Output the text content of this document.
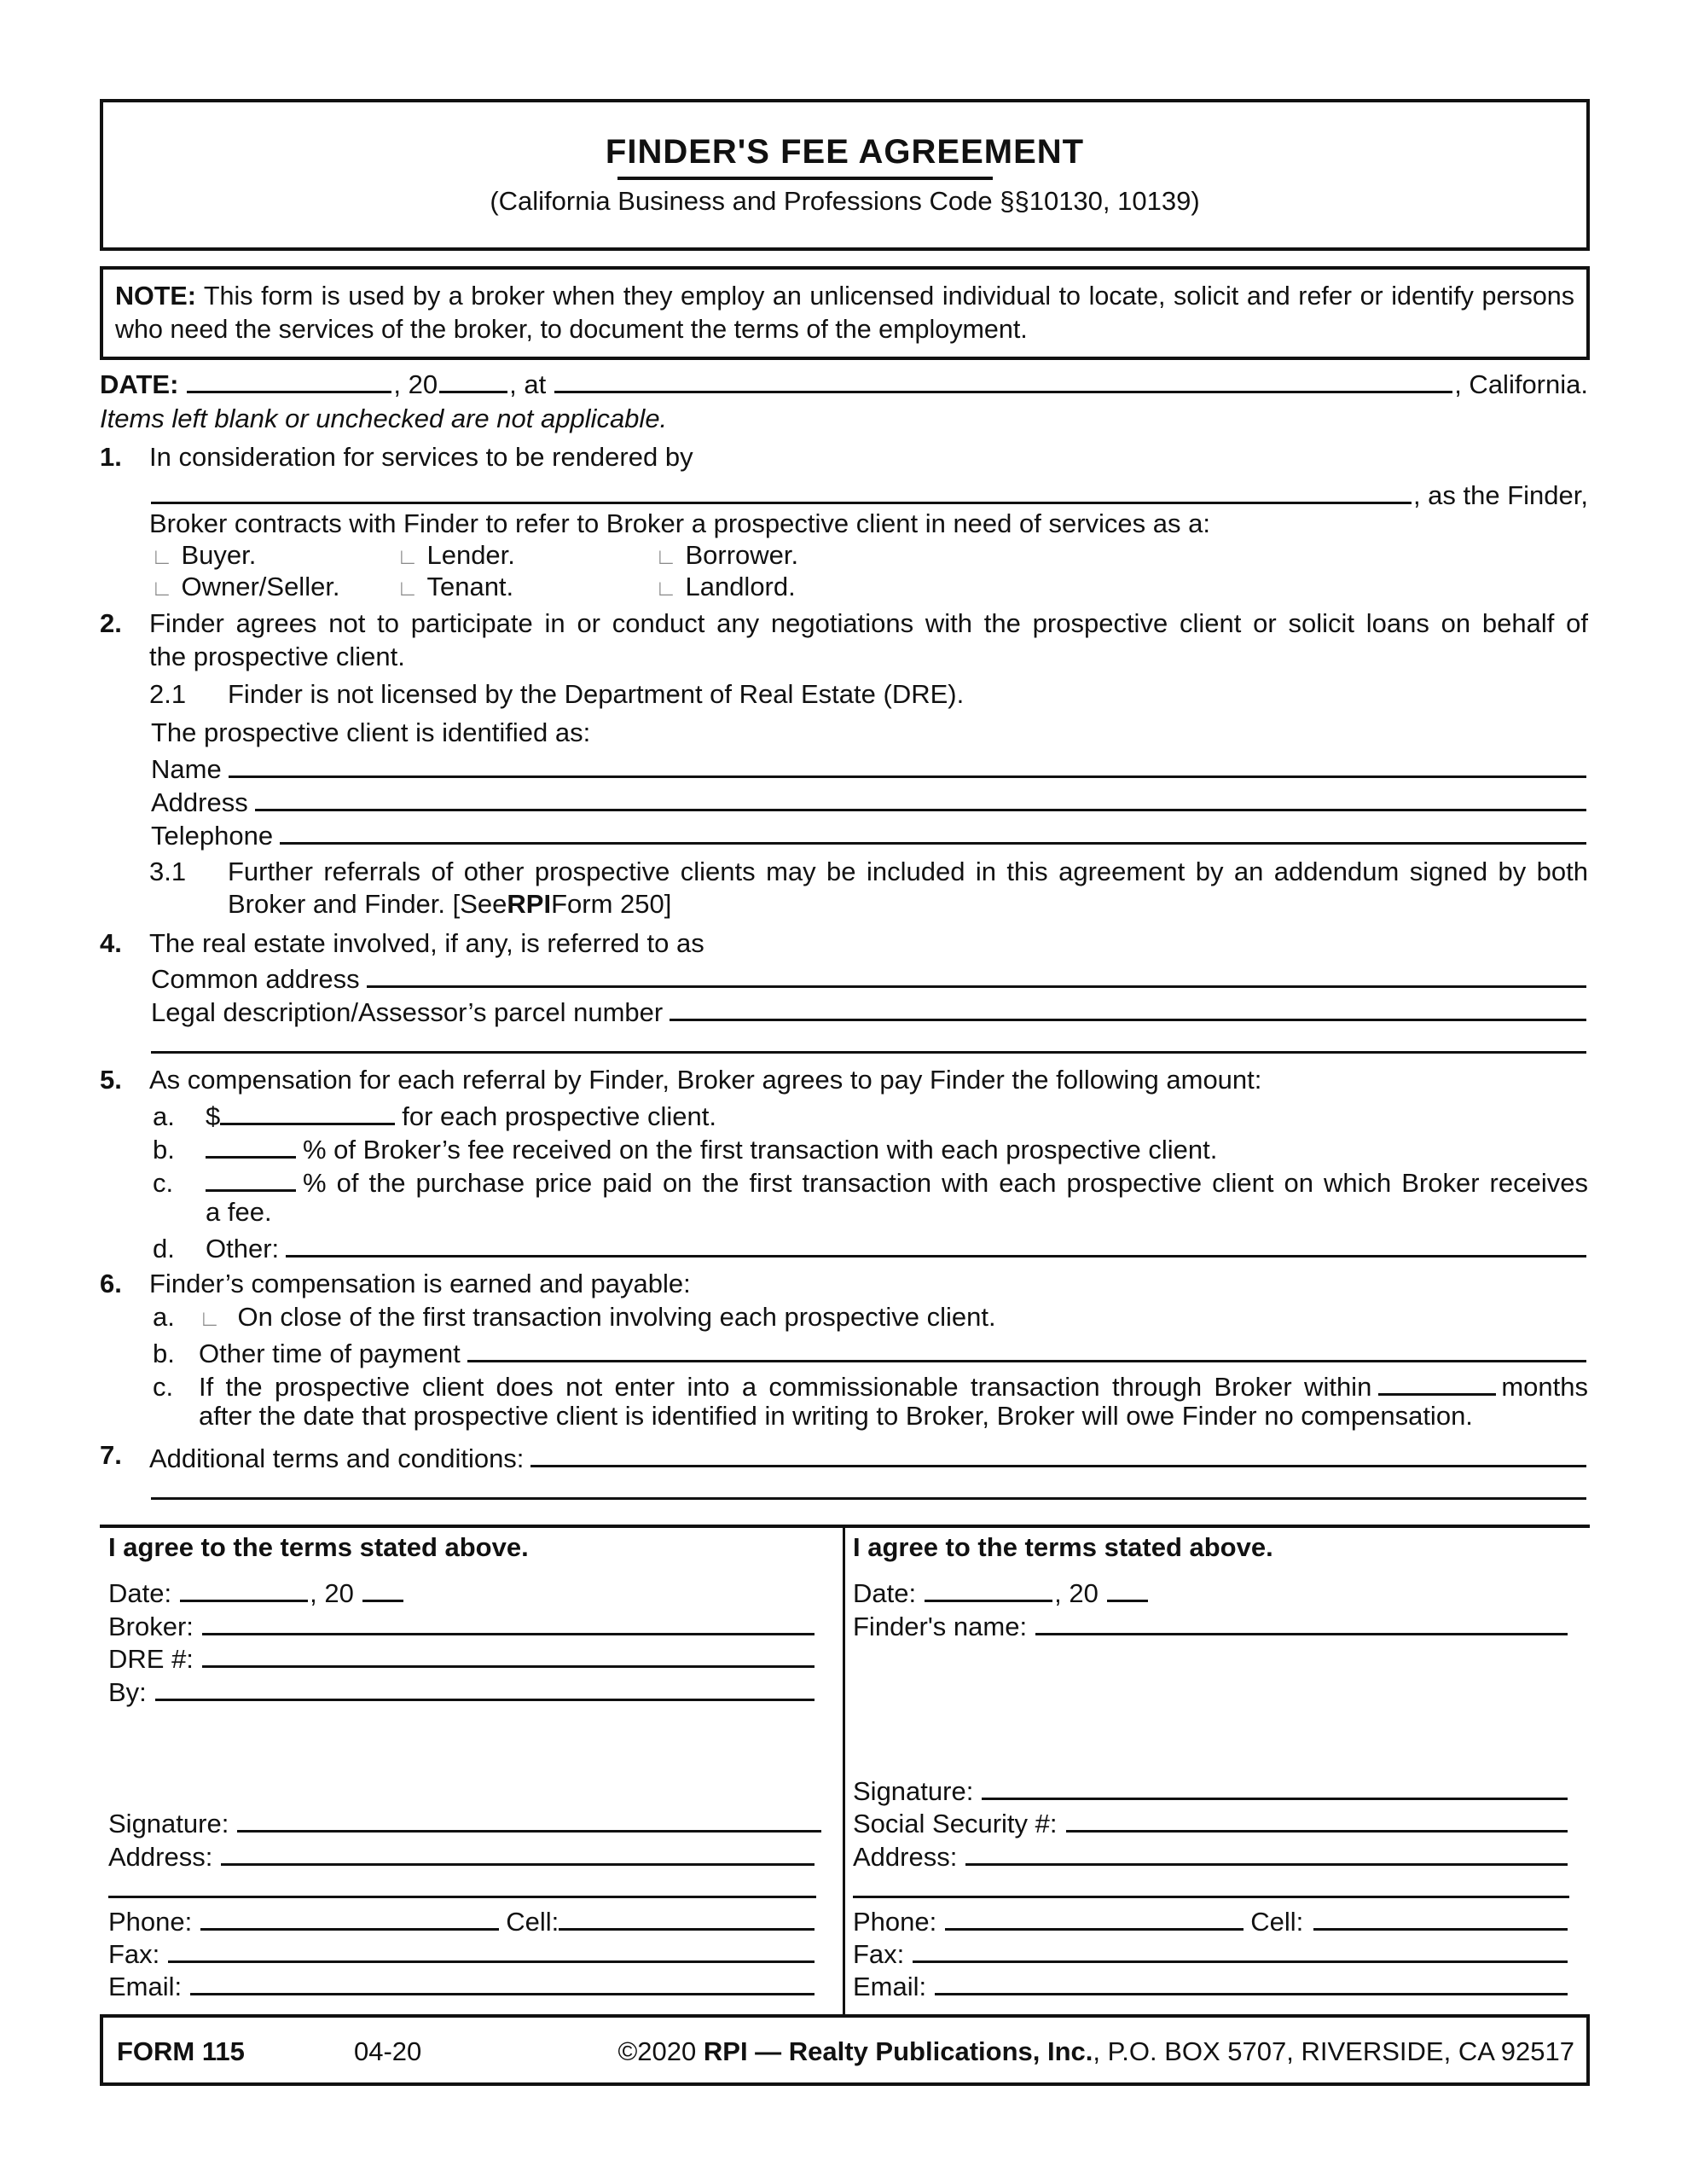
FINDER'S FEE AGREEMENT
(California Business and Professions Code §§10130, 10139)
NOTE: This form is used by a broker when they employ an unlicensed individual to locate, solicit and refer or identify persons who need the services of the broker, to document the terms of the employment.
DATE:	, 20	, at	, California.
Items left blank or unchecked are not applicable.
1. In consideration for services to be rendered by
, as the Finder,
Broker contracts with Finder to refer to Broker a prospective client in need of services as a:
∟ Buyer.	∟ Lender.	∟ Borrower.
∟ Owner/Seller.	∟ Tenant.	∟ Landlord.
2. Finder agrees not to participate in or conduct any negotiations with the prospective client or solicit loans on behalf of
the prospective client.
2.1	Finder is not licensed by the Department of Real Estate (DRE).
The prospective client is identified as:
Name
Address
Telephone
3.1	Further referrals of other prospective clients may be included in this agreement by an addendum signed by both
Broker and Finder. [See RPI Form 250]
4. The real estate involved, if any, is referred to as
Common address
Legal description/Assessor’s parcel number
5. As compensation for each referral by Finder, Broker agrees to pay Finder the following amount:
a.	$	for each prospective client.
b.	% of Broker’s fee received on the first transaction with each prospective client.
c.	% of the purchase price paid on the first transaction with each prospective client on which Broker receives
a fee.
d.	Other:
6. Finder’s compensation is earned and payable:
a.	∟ On close of the first transaction involving each prospective client.
b. Other time of payment
c. If the prospective client does not enter into a commissionable transaction through Broker within	months
after the date that prospective client is identified in writing to Broker, Broker will owe Finder no compensation.
7. Additional terms and conditions:
I agree to the terms stated above.
Date:	, 20
Broker:
DRE #:
By:
Signature:
Address:
Phone:	Cell:
Fax:
Email:
I agree to the terms stated above.
Date:	, 20
Finder's name:
Signature:
Social Security #:
Address:
Phone:	Cell:
Fax:
Email:
FORM 115	04-20	©2020 RPI — Realty Publications, Inc., P.O. BOX 5707, RIVERSIDE, CA 92517
